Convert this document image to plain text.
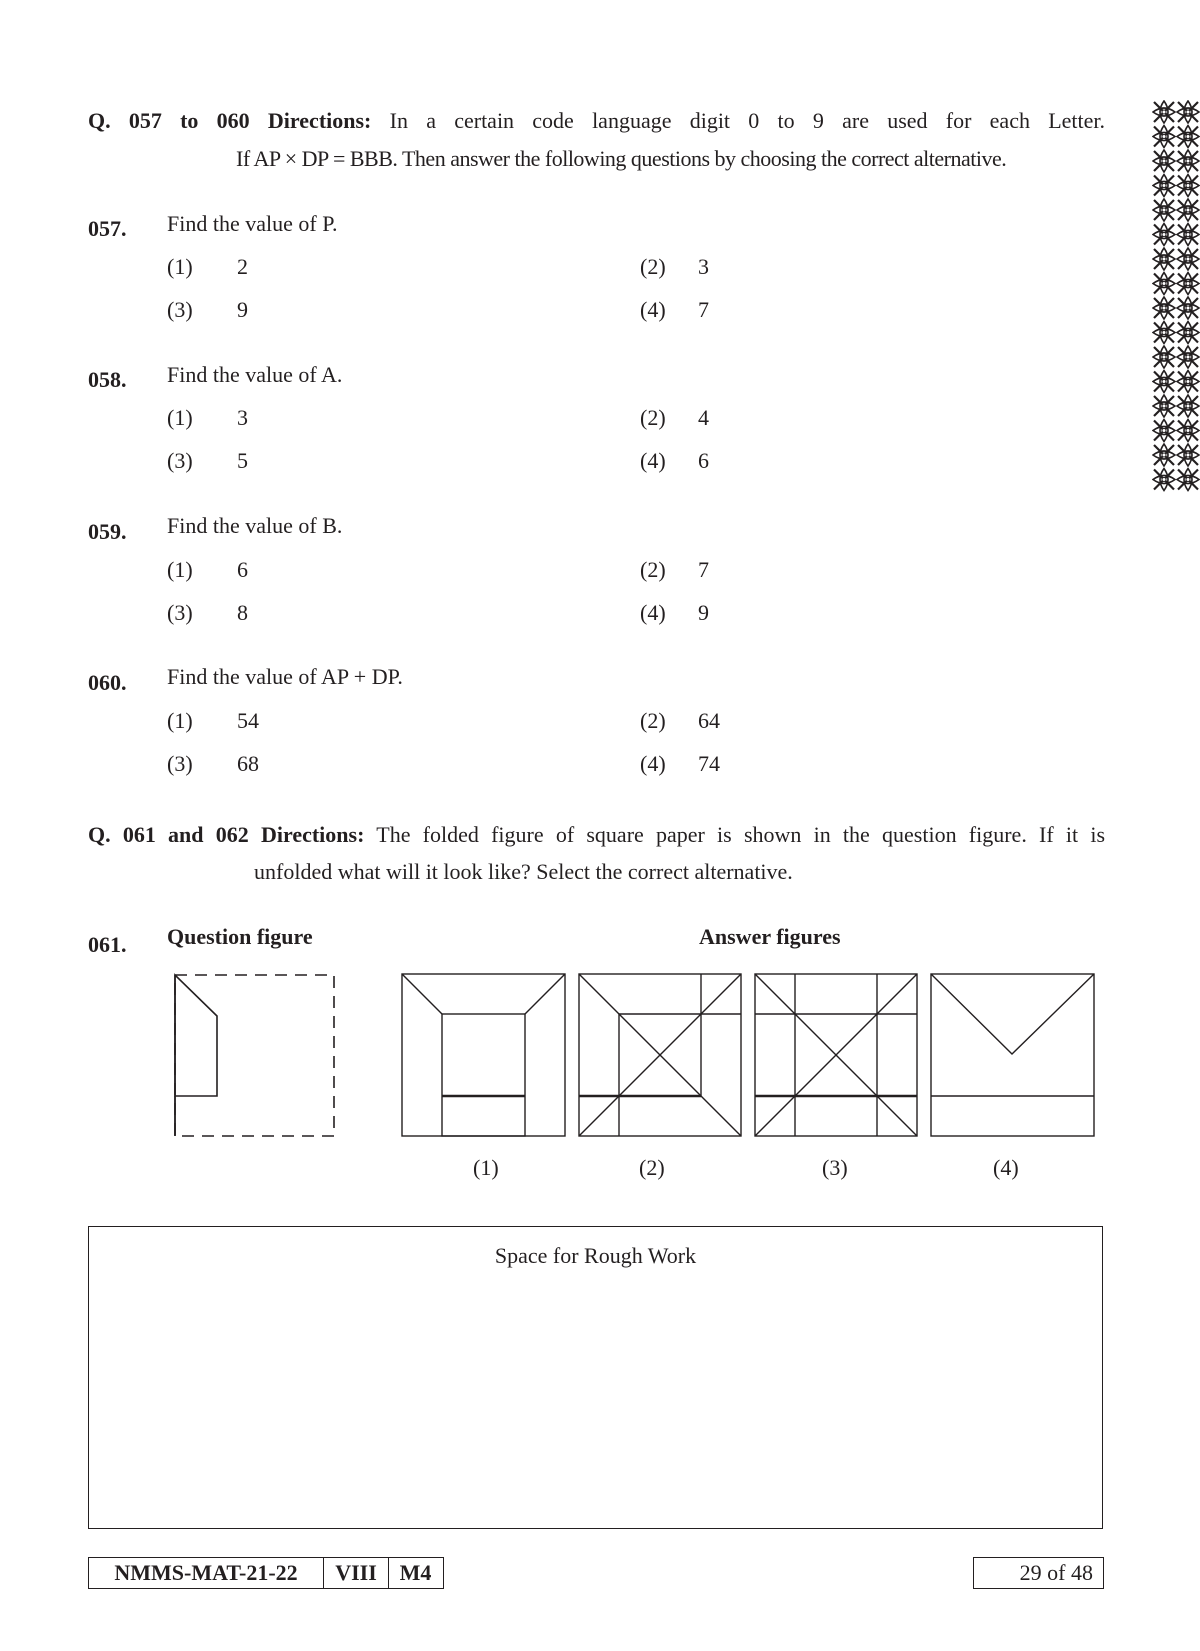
Q. 057 to 060 Directions: In a certain code language digit 0 to 9 are used for each Letter.
If AP × DP = BBB. Then answer the following questions by choosing the correct alternative.
057. Find the value of P.
(1) 2	(2) 3
(3) 9	(4) 7
058. Find the value of A.
(1) 3	(2) 4
(3) 5	(4) 6
059. Find the value of B.
(1) 6	(2) 7
(3) 8	(4) 9
060. Find the value of AP + DP.
(1) 54	(2) 64
(3) 68	(4) 74
Q. 061 and 062 Directions: The folded figure of square paper is shown in the question figure. If it is
unfolded what will it look like? Select the correct alternative.
061. Question figure	Answer figures
(1)	(2)	(3)	(4)
Space for Rough Work
NMMS-MAT-21-22 VIII M4	29 of 48
